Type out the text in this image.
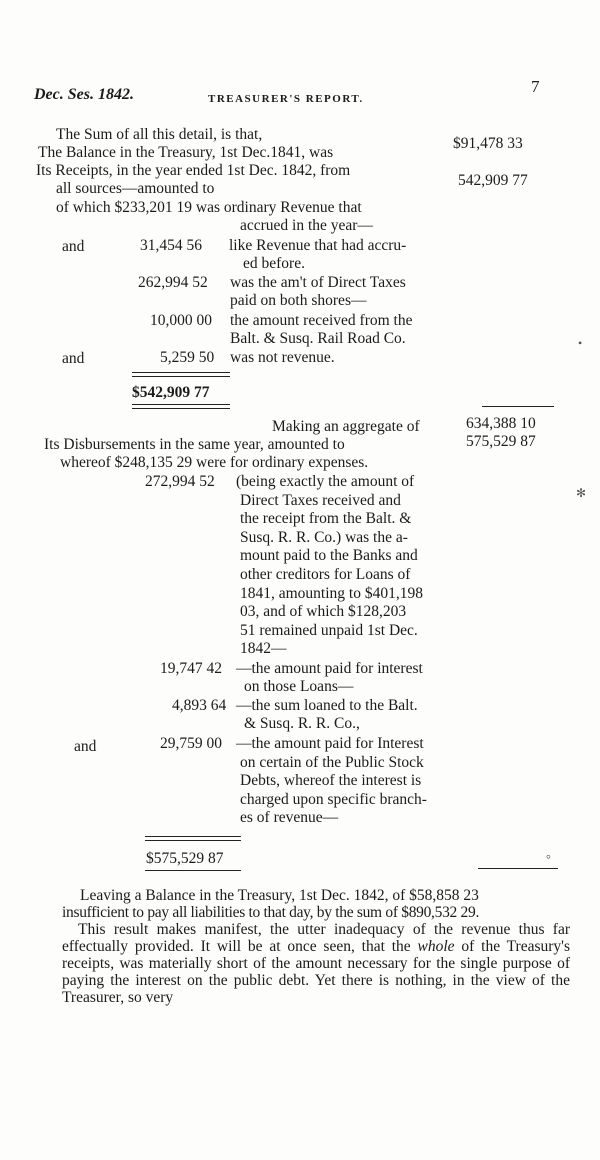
Dec. Ses. 1842.	TREASURER'S REPORT.
7
The Sum of all this detail, is that,
The Balance in the Treasury, 1st Dec.1841, was
$91,478 33
Its Receipts, in the year ended 1st Dec. 1842, from
all sources—amounted to	542,909 77
of which $233,201 19 was ordinary Revenue that
accrued in the year—
and	31,454 56 like Revenue that had accru-
ed before.
262,994 52 was the am't of Direct Taxes
paid on both shores—
10,000 00 the amount received from the
Balt. & Susq. Rail Road Co.
and	5,259 50 was not revenue.
$542,909 77
Making an aggregate of	634,388 10
Its Disbursements in the same year, amounted to	575,529 87
whereof $248,135 29 were for ordinary expenses.
272,994 52 (being exactly the amount of
Direct Taxes received and
the receipt from the Balt. &
Susq. R. R. Co.) was the a-
mount paid to the Banks and
other creditors for Loans of
1841, amounting to $401,198
03, and of which $128,203
51 remained unpaid 1st Dec.
1842—
19,747 42 —the amount paid for interest
on those Loans—
4,893 64 —the sum loaned to the Balt.
& Susq. R. R. Co.,
and	29,759 00 —the amount paid for Interest
on certain of the Public Stock
Debts, whereof the interest is
charged upon specific branch-
es of revenue—
$575,529 87
Leaving a Balance in the Treasury, 1st Dec. 1842, of $58,858 23
insufficient to pay all liabilities to that day, by the sum of $890,532 29.
This result makes manifest, the utter inadequacy of the revenue thus far effectually provided. It will be at once seen, that the whole of the Treasury's receipts, was materially short of the amount necessary for the single purpose of paying the interest on the public debt. Yet there is nothing, in the view of the Treasurer, so very
✻
•
°
